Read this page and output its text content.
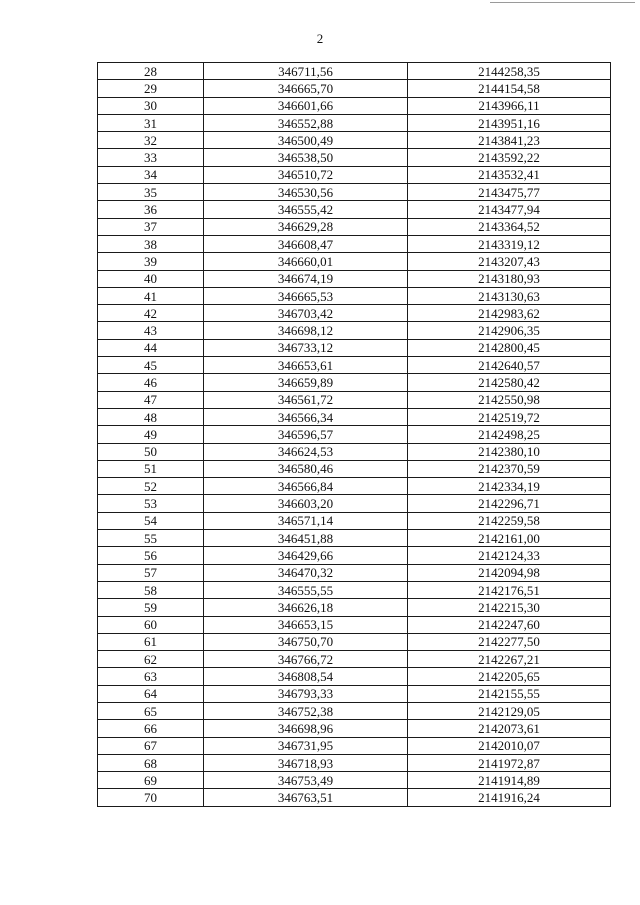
2
28	346711,56	2144258,35
29	346665,70	2144154,58
30	346601,66	2143966,11
31	346552,88	2143951,16
32	346500,49	2143841,23
33	346538,50	2143592,22
34	346510,72	2143532,41
35	346530,56	2143475,77
36	346555,42	2143477,94
37	346629,28	2143364,52
38	346608,47	2143319,12
39	346660,01	2143207,43
40	346674,19	2143180,93
41	346665,53	2143130,63
42	346703,42	2142983,62
43	346698,12	2142906,35
44	346733,12	2142800,45
45	346653,61	2142640,57
46	346659,89	2142580,42
47	346561,72	2142550,98
48	346566,34	2142519,72
49	346596,57	2142498,25
50	346624,53	2142380,10
51	346580,46	2142370,59
52	346566,84	2142334,19
53	346603,20	2142296,71
54	346571,14	2142259,58
55	346451,88	2142161,00
56	346429,66	2142124,33
57	346470,32	2142094,98
58	346555,55	2142176,51
59	346626,18	2142215,30
60	346653,15	2142247,60
61	346750,70	2142277,50
62	346766,72	2142267,21
63	346808,54	2142205,65
64	346793,33	2142155,55
65	346752,38	2142129,05
66	346698,96	2142073,61
67	346731,95	2142010,07
68	346718,93	2141972,87
69	346753,49	2141914,89
70	346763,51	2141916,24
